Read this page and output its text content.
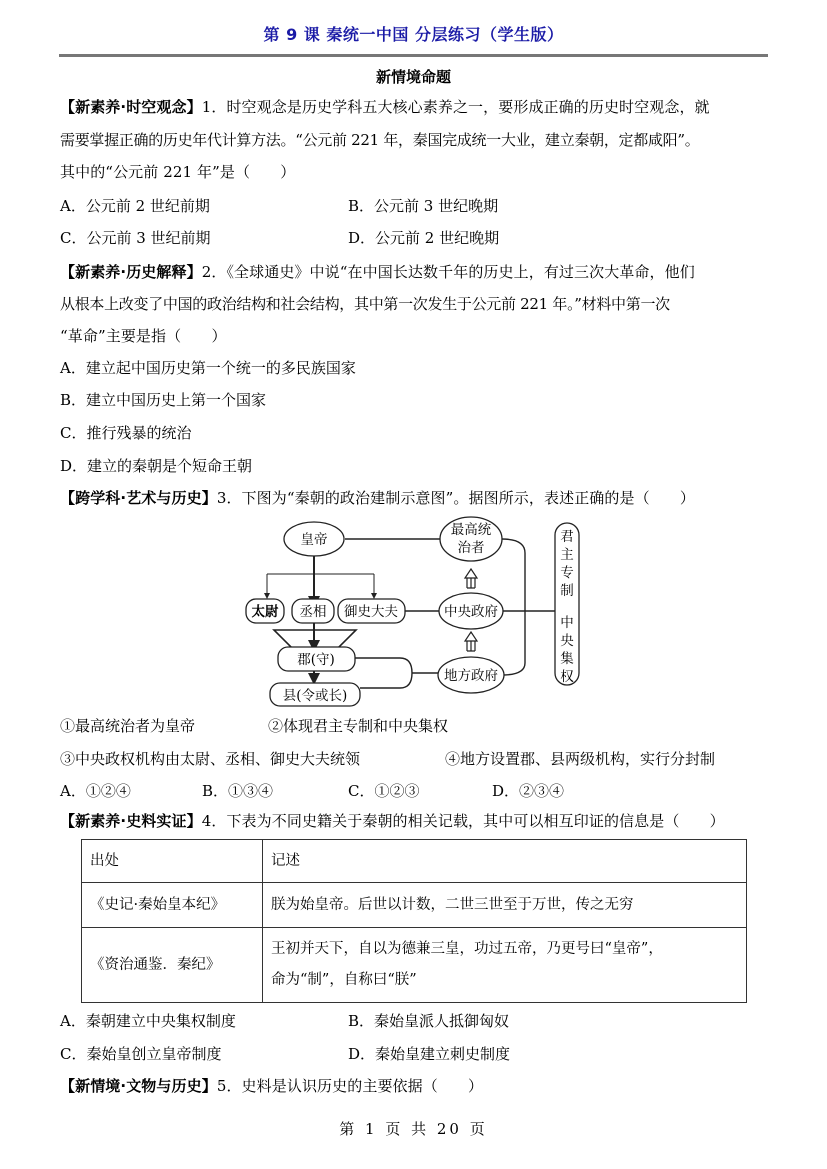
第 9 课 秦统一中国 分层练习（学生版）
新情境命题
【新素养·时空观念】1．时空观念是历史学科五大核心素养之一，要形成正确的历史时空观念，就
需要掌握正确的历史年代计算方法。“公元前 221 年，秦国完成统一大业，建立秦朝，定都咸阳”。
其中的“公元前 221 年”是（　　）
A．公元前 2 世纪前期	B．公元前 3 世纪晚期
C．公元前 3 世纪前期	D．公元前 2 世纪晚期
【新素养·历史解释】2．《全球通史》中说“在中国长达数千年的历史上，有过三次大革命，他们
从根本上改变了中国的政治结构和社会结构，其中第一次发生于公元前 221 年。”材料中第一次
“革命”主要是指（　　）
A．建立起中国历史第一个统一的多民族国家
B．建立中国历史上第一个国家
C．推行残暴的统治
D．建立的秦朝是个短命王朝
【跨学科·艺术与历史】3．下图为“秦朝的政治建制示意图”。据图所示，表述正确的是（　　）
皇帝
最高统
治者
太尉 丞相 御史大夫	中央政府
郡(守)
县(令或长)
地方政府
君
主
专
制
中
央
集
权
①最高统治者为皇帝	②体现君主专制和中央集权
③中央政权机构由太尉、丞相、御史大夫统领	④地方设置郡、县两级机构，实行分封制
A．①②④	B．①③④	C．①②③	D．②③④
【新素养·史料实证】4．下表为不同史籍关于秦朝的相关记载，其中可以相互印证的信息是（　　）
出处	记述
《史记·秦始皇本纪》	朕为始皇帝。后世以计数，二世三世至于万世，传之无穷
《资治通鉴．秦纪》	王初并天下，自以为德兼三皇，功过五帝，乃更号曰“皇帝”，
命为“制”，自称曰“朕”
A．秦朝建立中央集权制度	B．秦始皇派人抵御匈奴
C．秦始皇创立皇帝制度	D．秦始皇建立刺史制度
【新情境·文物与历史】5．史料是认识历史的主要依据（　　）
第 1 页 共 20 页
